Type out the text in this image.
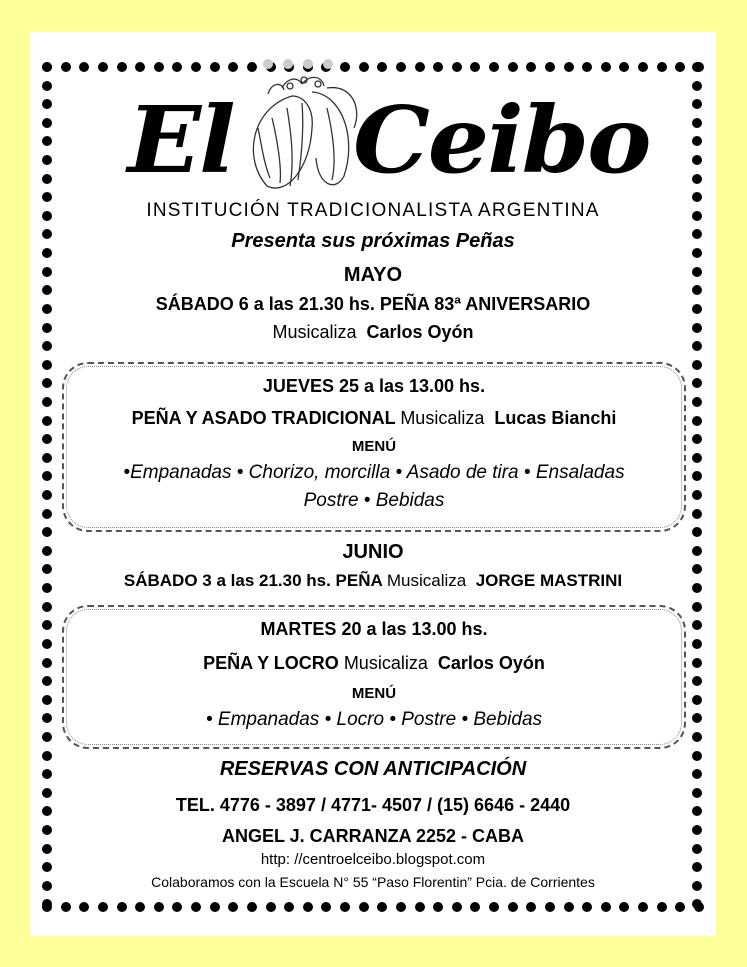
El Ceibo
INSTITUCIÓN TRADICIONALISTA ARGENTINA
Presenta sus próximas Peñas
MAYO
SÁBADO 6 a las 21.30 hs. PEÑA 83ª ANIVERSARIO
Musicaliza Carlos Oyón
JUEVES 25 a las 13.00 hs.
PEÑA Y ASADO TRADICIONAL Musicaliza Lucas Bianchi
MENÚ
•Empanadas • Chorizo, morcilla • Asado de tira • Ensaladas
Postre • Bebidas
JUNIO
SÁBADO 3 a las 21.30 hs. PEÑA Musicaliza JORGE MASTRINI
MARTES 20 a las 13.00 hs.
PEÑA Y LOCRO Musicaliza Carlos Oyón
MENÚ
• Empanadas • Locro • Postre • Bebidas
RESERVAS CON ANTICIPACIÓN
TEL. 4776 - 3897 / 4771- 4507 / (15) 6646 - 2440
ANGEL J. CARRANZA 2252 - CABA
http: //centroelceibo.blogspot.com
Colaboramos con la Escuela N° 55 “Paso Florentin” Pcia. de Corrientes
